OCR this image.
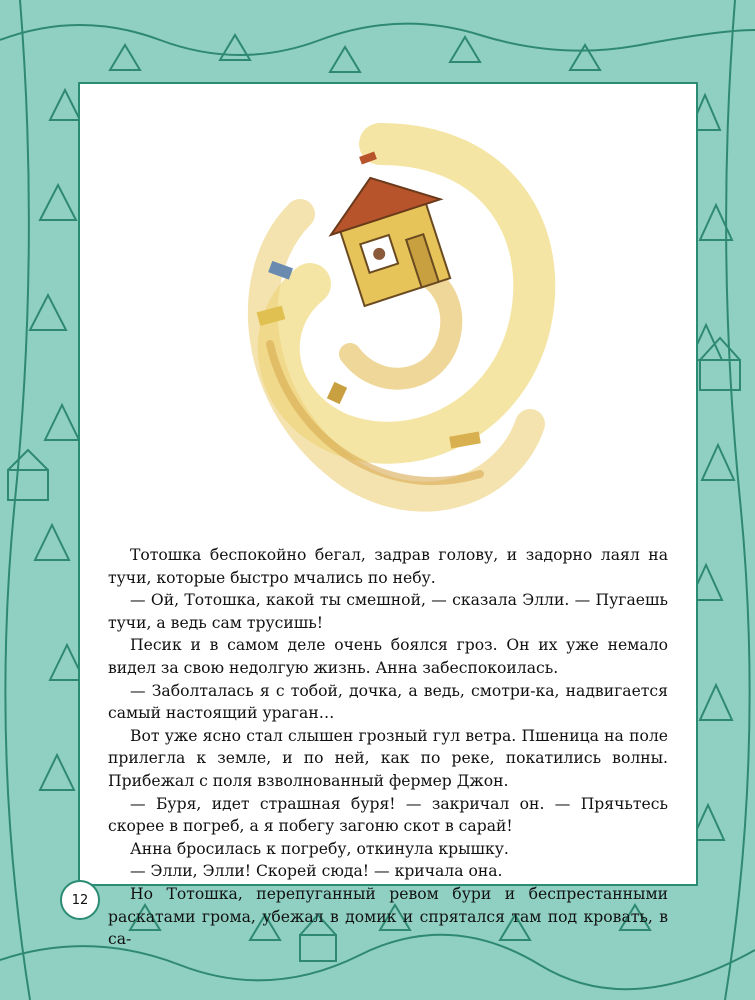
Тотошка беспокойно бегал, задрав голову, и задорно лаял на тучи, которые быстро мчались по небу.

— Ой, Тотошка, какой ты смешной, — сказала Элли. — Пугаешь тучи, а ведь сам трусишь!

Песик и в самом деле очень боялся гроз. Он их уже немало видел за свою недолгую жизнь. Анна забеспокоилась.

— Заболталась я с тобой, дочка, а ведь, смотри-ка, надвигается самый настоящий ураган…

Вот уже ясно стал слышен грозный гул ветра. Пшеница на поле прилегла к земле, и по ней, как по реке, покатились волны. Прибежал с поля взволнованный фермер Джон.

— Буря, идет страшная буря! — закричал он. — Прячьтесь скорее в погреб, а я побегу загоню скот в сарай!

Анна бросилась к погребу, откинула крышку.

— Элли, Элли! Скорей сюда! — кричала она.

Но Тотошка, перепуганный ревом бури и беспрестанными раскатами грома, убежал в домик и спрятался там под кровать, в са-

12
